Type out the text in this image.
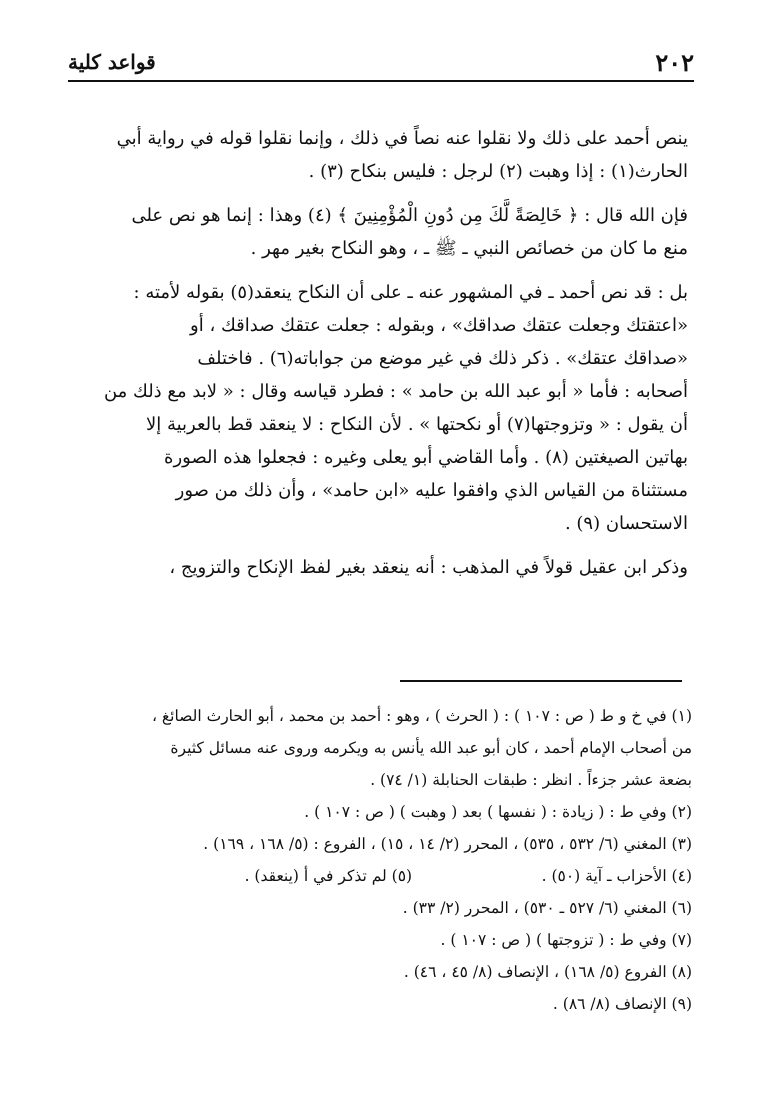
٢٠٢
قواعد كلية

ينص أحمد على ذلك ولا نقلوا عنه نصاً في ذلك ، وإنما نقلوا قوله في رواية أبي

الحارث(١) : إذا وهبت (٢) لرجل : فليس بنكاح (٣) .

فإن الله قال : ﴿ خَالِصَةً لَّكَ مِن دُونِ الْمُؤْمِنِينَ ﴾ (٤) وهذا : إنما هو نص على

منع ما كان من خصائص النبي ـ ﷺ ـ ، وهو النكاح بغير مهر .

بل : قد نص أحمد ـ في المشهور عنه ـ على أن النكاح ينعقد(٥) بقوله لأمته :

«اعتقتك وجعلت عتقك صداقك» ، وبقوله : جعلت عتقك صداقك ، أو

«صداقك عتقك» . ذكر ذلك في غير موضع من جواباته(٦) . فاختلف

أصحابه : فأما « أبو عبد الله بن حامد » : فطرد قياسه وقال : « لابد مع ذلك من

أن يقول : « وتزوجتها(٧) أو نكحتها » . لأن النكاح : لا ينعقد قط بالعربية إلا

بهاتين الصيغتين (٨) . وأما القاضي أبو يعلى وغيره : فجعلوا هذه الصورة

مستثناة من القياس الذي وافقوا عليه «ابن حامد» ، وأن ذلك من صور

الاستحسان (٩) .

وذكر ابن عقيل قولاً في المذهب : أنه ينعقد بغير لفظ الإنكاح والتزويج ،

(١) في خ و ط ( ص : ١٠٧ ) : ( الحرث ) ، وهو : أحمد بن محمد ، أبو الحارث الصائغ ،
من أصحاب الإمام أحمد ، كان أبو عبد الله يأنس به ويكرمه وروى عنه مسائل كثيرة
بضعة عشر جزءاً . انظر : طبقات الحنابلة (١/ ٧٤) .

(٢) وفي ط : ( زيادة : ( نفسها ) بعد ( وهبت ) ( ص : ١٠٧ ) .

(٣) المغني (٦/ ٥٣٢ ، ٥٣٥) ، المحرر (٢/ ١٤ ، ١٥) ، الفروع : (٥/ ١٦٨ ، ١٦٩) .

(٤) الأحزاب ـ آية (٥٠) .

(٥) لم تذكر في أ (ينعقد) .

(٦) المغني (٦/ ٥٢٧ ـ ٥٣٠) ، المحرر (٢/ ٣٣) .

(٧) وفي ط : ( تزوجتها ) ( ص : ١٠٧ ) .

(٨) الفروع (٥/ ١٦٨) ، الإنصاف (٨/ ٤٥ ، ٤٦) .

(٩) الإنصاف (٨/ ٨٦) .
